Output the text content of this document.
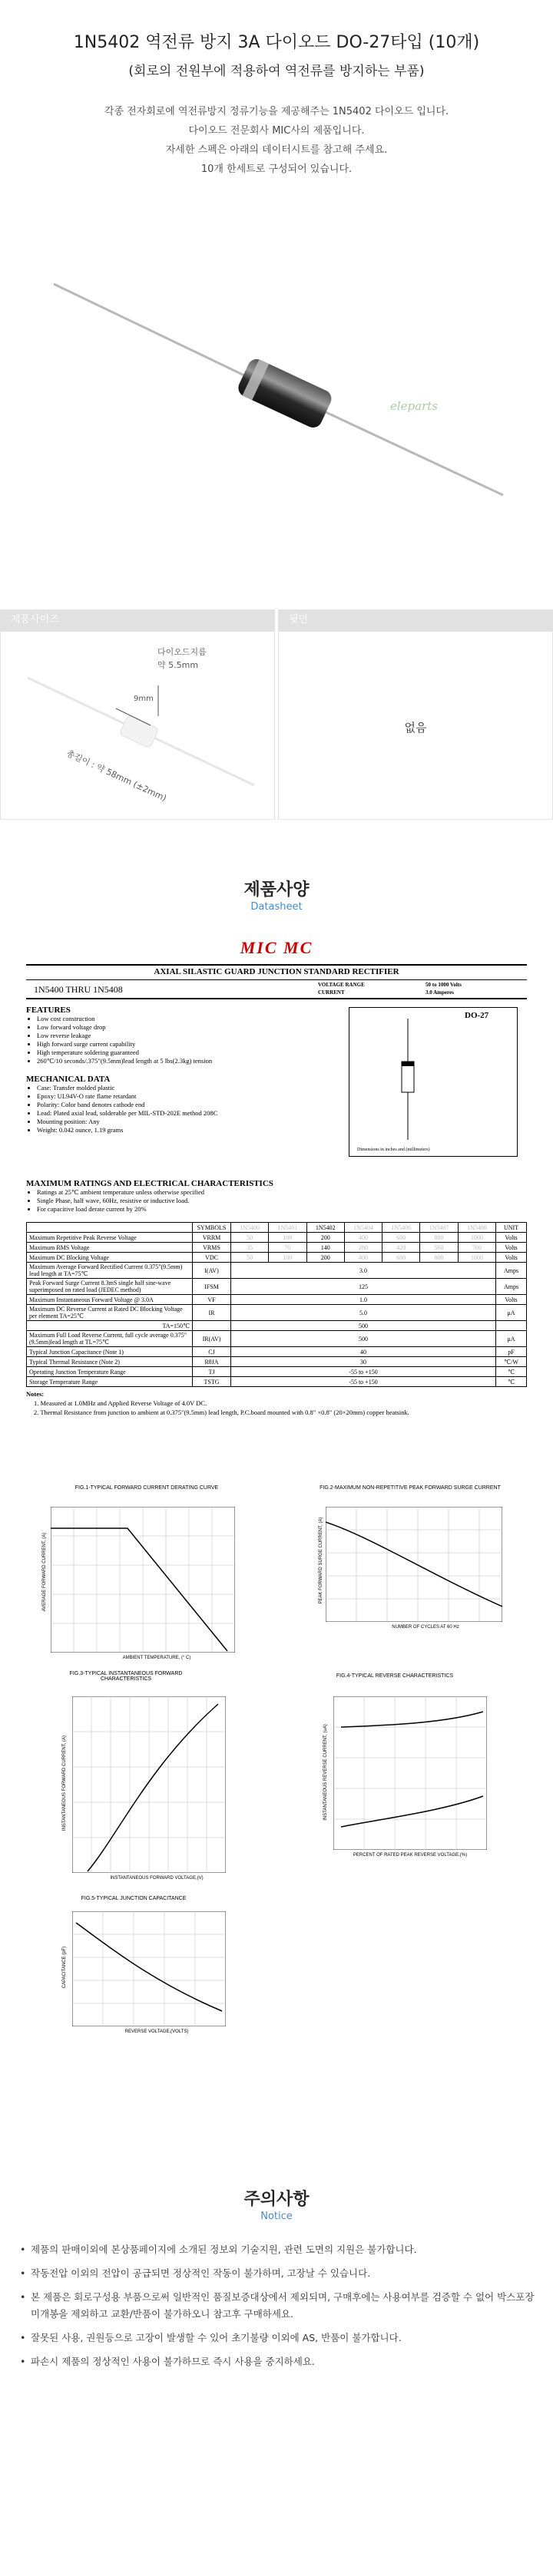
1N5402 역전류 방지 3A 다이오드 DO-27타입 (10개)
(회로의 전원부에 적용하여 역전류를 방지하는 부품)
각종 전자회로에 역전류방지 정류기능을 제공해주는 1N5402 다이오드 입니다.
다이오드 전문회사 MIC사의 제품입니다.
자세한 스펙은 아래의 데이터시트를 참고해 주세요.
10개 한세트로 구성되어 있습니다.
eleparts
제품사이즈	뒷면
다이오드지름
약 5.5mm
9mm
총길이 : 약 58mm (±2mm)
없음
제품사양
Datasheet
MIC MC
AXIAL SILASTIC GUARD JUNCTION STANDARD RECTIFIER
1N5400 THRU 1N5408	VOLTAGE RANGE
CURRENT
50 to 1000 Volts
3.0 Amperes
FEATURES
• Low cost construction
• Low forward voltage drop
• Low reverse leakage
• High forward surge current capability
• High temperature soldering guaranteed
• 260℃/10 seconds/.375"(9.5mm)lead length at 5 lbs(2.3kg) tension
MECHANICAL DATA
• Case: Transfer molded plastic
• Epoxy: UL94V-O rate flame retardant
• Polarity: Color band denotes cathode end
• Lead: Plated axial lead, solderable per MIL-STD-202E method 208C
• Mounting position: Any
• Weight: 0.042 ounce, 1.19 grams
DO-27
Dimensions in inches and (millimeters)
MAXIMUM RATINGS AND ELECTRICAL CHARACTERISTICS
• Ratings at 25℃ ambient temperature unless otherwise specified
• Single Phase, half wave, 60Hz, resistive or inductive load.
• For capacitive load derate current by 20%
	SYMBOLS	1N5400	1N5401	1N5402	1N5404	1N5406	1N5407	1N5408	UNIT
Maximum Repetitive Peak Reverse Voltage	VRRM	50	100	200	400	600	800	1000	Volts
Maximum RMS Voltage	VRMS	35	70	140	280	420	560	700	Volts
Maximum DC Blocking Voltage	VDC	50	100	200	400	600	800	1000	Volts
Maximum Average Forward Rectified Current 0.375"(9.5mm) lead length at TA=75℃	I(AV)	3.0							Amps
Peak Forward Surge Current 8.3mS single half sine-wave superimposed on rated load (JEDEC method)	IFSM	125							Amps
Maximum Instantaneous Forward Voltage @ 3.0A	VF	1.0							Volts
Maximum DC Reverse Current at Rated DC Blocking Voltage per element TA=25℃	IR	5.0							μA
TA=150℃		500							
Maximum Full Load Reverse Current, full cycle average 0.375"(9.5mm)lead length at TL=75℃	IR(AV)	500							μA
Typical Junction Capacitance (Note 1)	CJ	40							pF
Typical Thermal Resistance (Note 2)	RθJA	30							℃/W
Operating Junction Temperature Range	TJ	-55 to +150							℃
Storage Temperature Range	TSTG	-55 to +150							℃
Notes:
1. Measured at 1.0MHz and Applied Reverse Voltage of 4.0V DC.
2. Thermal Resistance from junction to ambient at 0.375"(9.5mm) lead length, P.C.board mounted with 0.8" ×0.8" (20×20mm) copper heatsink.
FIG.1-TYPICAL FORWARD CURRENT DERATING CURVE
AMBIENT TEMPERATURE, (° C)
AVERAGE FORWARD CURRENT, (A)
FIG.2-MAXIMUM NON-REPETITIVE PEAK FORWARD SURGE CURRENT
NUMBER OF CYCLES AT 60 Hz
PEAK FORWARD SURGE CURRENT, (A)
FIG.3-TYPICAL INSTANTANEOUS FORWARD CHARACTERISTICS
INSTANTANEOUS FORWARD VOLTAGE,(V)
INSTANTANEOUS FORWARD CURRENT, (A)
FIG.4-TYPICAL REVERSE CHARACTERISTICS
PERCENT OF RATED PEAK REVERSE VOLTAGE,(%)
INSTANTANEOUS REVERSE CURRENT, (uA)
FIG.5-TYPICAL JUNCTION CAPACITANCE
REVERSE VOLTAGE,(VOLTS)
CAPACITANCE (pF)
주의사항
Notice
• 제품의 판매이외에 본상품페이지에 소개된 정보외 기술지원, 관련 도면의 지원은 불가합니다.
• 작동전압 이외의 전압이 공급되면 정상적인 작동이 불가하며, 고장날 수 있습니다.
• 본 제품은 회로구성용 부품으로써 일반적인 품질보증대상에서 제외되며, 구매후에는 사용여부를 검증할 수 없어 박스포장 미개봉을 제외하고 교환/반품이 불가하오니 참고후 구매하세요.
• 잘못된 사용, 권원등으로 고장이 발생할 수 있어 초기불량 이외에 AS, 반품이 불가합니다.
• 파손시 제품의 정상적인 사용이 불가하므로 즉시 사용을 중지하세요.
